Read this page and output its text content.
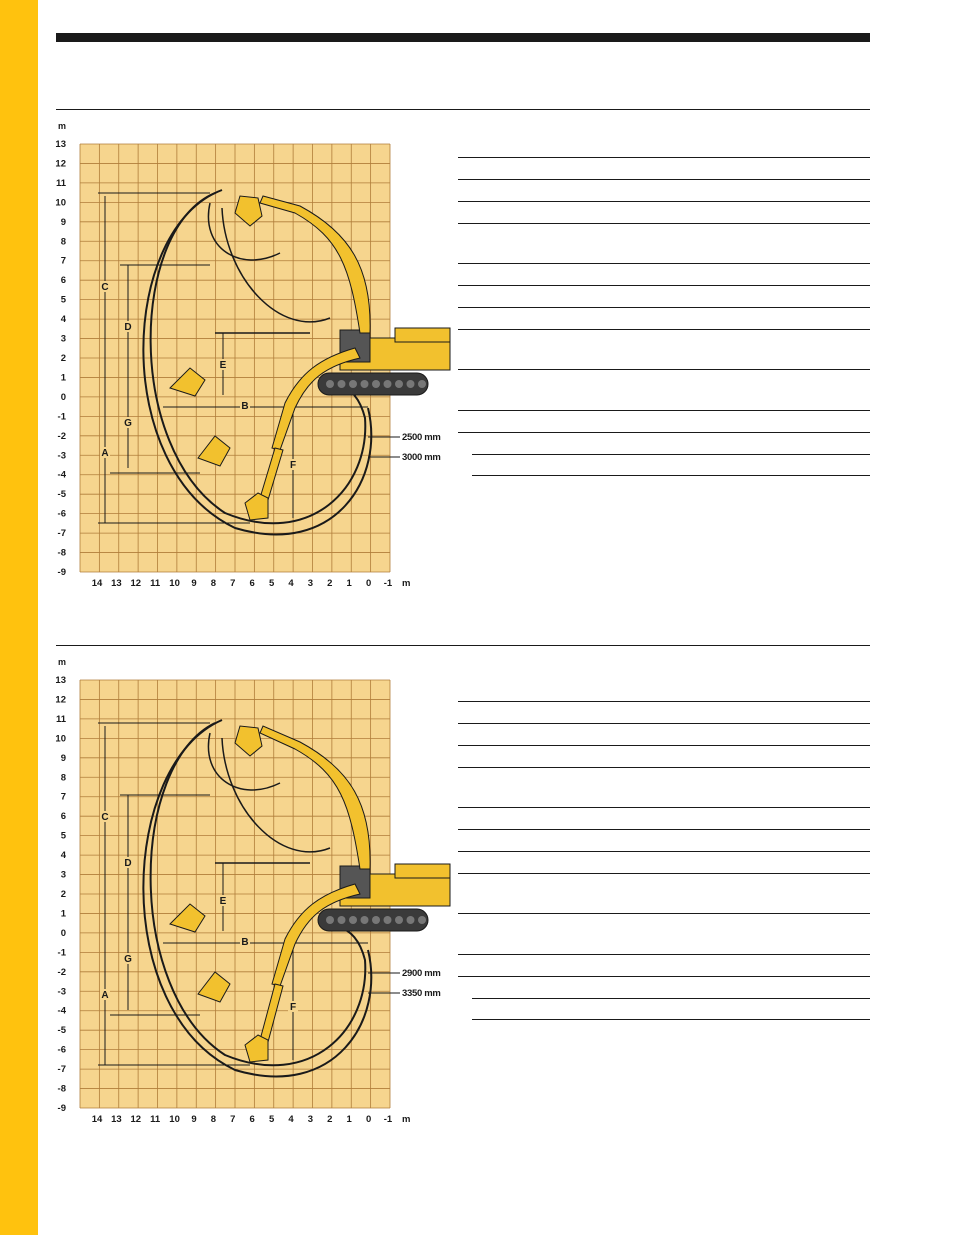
m
13
12
11
10
9
8
7
6
5
4
3
2
1
0
-1
-2
-3
-4
-5
-6
-7
-8
-9
14 13 12 11 10 9 8 7 6 5 4 3 2 1 0 -1 m
A
B
C
D
E
F
G
2500 mm
3000 mm
m
13
12
11
10
9
8
7
6
5
4
3
2
1
0
-1
-2
-3
-4
-5
-6
-7
-8
-9
14 13 12 11 10 9 8 7 6 5 4 3 2 1 0 -1 m
A
B
C
D
E
F
G
2900 mm
3350 mm
